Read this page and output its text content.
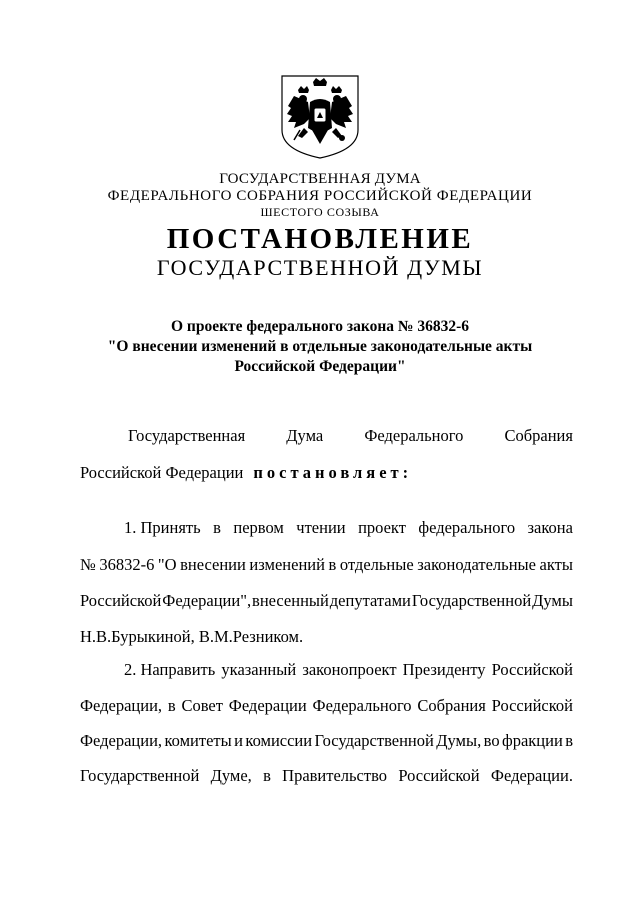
ГОСУДАРСТВЕННАЯ ДУМА
ФЕДЕРАЛЬНОГО СОБРАНИЯ РОССИЙСКОЙ ФЕДЕРАЦИИ
ШЕСТОГО СОЗЫВА
ПОСТАНОВЛЕНИЕ
ГОСУДАРСТВЕННОЙ ДУМЫ
О проекте федерального закона № 36832-6
"О внесении изменений в отдельные законодательные акты
Российской Федерации"
Государственная Дума Федерального Собрания
Российской Федерации постановляет:
1. Принять в первом чтении проект федерального закона
№ 36832-6 "О внесении изменений в отдельные законодательные акты
Российской Федерации", внесенный депутатами Государственной Думы
Н.В.Бурыкиной, В.М.Резником.
2. Направить указанный законопроект Президенту Российской
Федерации, в Совет Федерации Федерального Собрания Российской
Федерации, комитеты и комиссии Государственной Думы, во фракции в
Государственной Думе, в Правительство Российской Федерации.
